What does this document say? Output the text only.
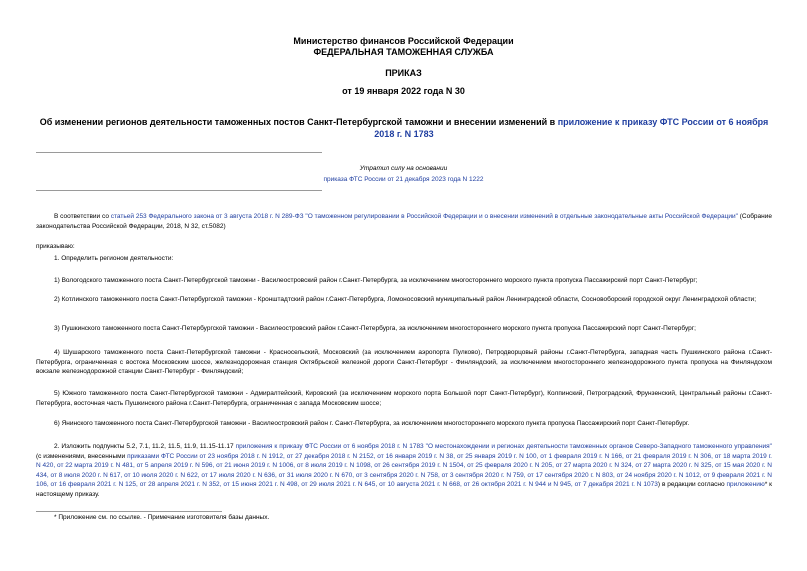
Министерство финансов Российской Федерации
ФЕДЕРАЛЬНАЯ ТАМОЖЕННАЯ СЛУЖБА
ПРИКАЗ
от 19 января 2022 года N 30
Об изменении регионов деятельности таможенных постов Санкт-Петербургской таможни и внесении изменений в приложение к приказу ФТС России от 6 ноября 2018 г. N 1783
Утратил силу на основании
приказа ФТС России от 21 декабря 2023 года N 1222

В соответствии со статьей 253 Федерального закона от 3 августа 2018 г. N 289-ФЗ "О таможенном регулировании в Российской Федерации и о внесении изменений в отдельные законодательные акты Российской Федерации" (Собрание законодательства Российской Федерации, 2018, N 32, ст.5082)

приказываю:

1. Определить регионом деятельности:

1) Вологодского таможенного поста Санкт-Петербургской таможни - Василеостровский район г.Санкт-Петербурга, за исключением многостороннего морского пункта пропуска Пассажирский порт Санкт-Петербург;

2) Котлинского таможенного поста Санкт-Петербургской таможни - Кронштадтский район г.Санкт-Петербурга, Ломоносовский муниципальный район Ленинградской области, Сосновоборский городской округ Ленинградской области;

3) Пушкинского таможенного поста Санкт-Петербургской таможни - Василеостровский район г.Санкт-Петербурга, за исключением многостороннего морского пункта пропуска Пассажирский порт Санкт-Петербург;

4) Шушарского таможенного поста Санкт-Петербургской таможни - Красносельский, Московский (за исключением аэропорта Пулково), Петродворцовый районы г.Санкт-Петербурга, западная часть Пушкинского района г.Санкт-Петербурга, ограниченная с востока Московским шоссе, железнодорожная станция Октябрьской железной дороги Санкт-Петербург - Финляндский, за исключением многостороннего железнодорожного пункта пропуска на Финляндском вокзале железнодорожной станции Санкт-Петербург - Финляндский;

5) Южного таможенного поста Санкт-Петербургской таможни - Адмиралтейский, Кировский (за исключением морского порта Большой порт Санкт-Петербург), Колпинский, Петроградский, Фрунзенский, Центральный районы г.Санкт-Петербурга, восточная часть Пушкинского района г.Санкт-Петербурга, ограниченная с запада Московским шоссе;

6) Янинского таможенного поста Санкт-Петербургской таможни - Василеостровский район г. Санкт-Петербурга, за исключением многостороннего морского пункта пропуска Пассажирский порт Санкт-Петербург.

2. Изложить подпункты 5.2, 7.1, 11.2, 11.5, 11.9, 11.15-11.17 приложения к приказу ФТС России от 6 ноября 2018 г. N 1783 "О местонахождении и регионах деятельности таможенных органов Северо-Западного таможенного управления" (с изменениями, внесенными приказами ФТС России от 23 ноября 2018 г. N 1912, от 27 декабря 2018 г. N 2152, от 16 января 2019 г. N 38, от 25 января 2019 г. N 100, от 1 февраля 2019 г. N 166, от 21 февраля 2019 г. N 306, от 18 марта 2019 г. N 420, от 22 марта 2019 г. N 481, от 5 апреля 2019 г. N 596, от 21 июня 2019 г. N 1006, от 8 июля 2019 г. N 1098, от 26 сентября 2019 г. N 1504, от 25 февраля 2020 г. N 205, от 27 марта 2020 г. N 324, от 27 марта 2020 г. N 325, от 15 мая 2020 г. N 434, от 8 июля 2020 г. N 617, от 10 июля 2020 г. N 622, от 17 июля 2020 г. N 636, от 31 июля 2020 г. N 670, от 3 сентября 2020 г. N 758, от 3 сентября 2020 г. N 759, от 17 сентября 2020 г. N 803, от 24 ноября 2020 г. N 1012, от 9 февраля 2021 г. N 106, от 16 февраля 2021 г. N 125, от 28 апреля 2021 г. N 352, от 15 июня 2021 г. N 498, от 29 июля 2021 г. N 645, от 10 августа 2021 г. N 668, от 26 октября 2021 г. N 944 и N 945, от 7 декабря 2021 г. N 1073) в редакции согласно приложению* к настоящему приказу.

* Приложение см. по ссылке. - Примечание изготовителя базы данных.
